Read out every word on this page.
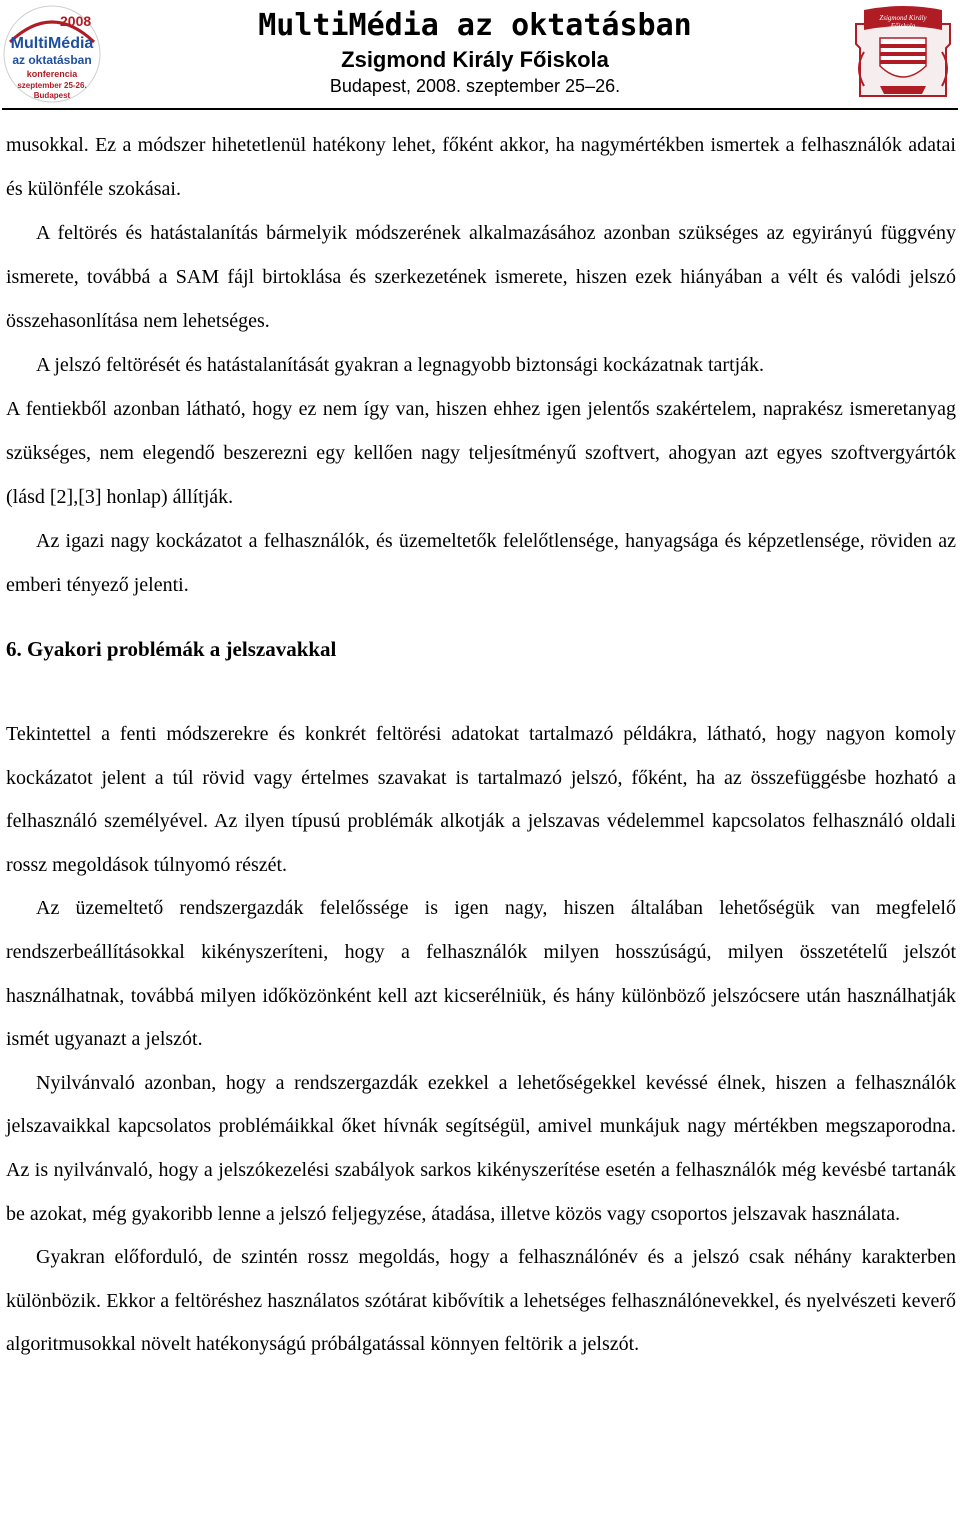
2008
MultiMédia
az oktatásban
konferencia
szeptember 25-26.
Budapest
MultiMédia az oktatásban
Zsigmond Király Főiskola
Budapest, 2008. szeptember 25–26.
Zsigmond Király
Főiskola

musokkal. Ez a módszer hihetetlenül hatékony lehet, főként akkor, ha nagymértékben ismertek a felhasználók adatai és különféle szokásai.

A feltörés és hatástalanítás bármelyik módszerének alkalmazásához azonban szükséges az egyirányú függvény ismerete, továbbá a SAM fájl birtoklása és szerkezetének ismerete, hiszen ezek hiányában a vélt és valódi jelszó összehasonlítása nem lehetséges.

A jelszó feltörését és hatástalanítását gyakran a legnagyobb biztonsági kockázatnak tartják.

A fentiekből azonban látható, hogy ez nem így van, hiszen ehhez igen jelentős szakértelem, naprakész ismeretanyag szükséges, nem elegendő beszerezni egy kellően nagy teljesítményű szoftvert, ahogyan azt egyes szoftvergyártók (lásd [2],[3] honlap) állítják.

Az igazi nagy kockázatot a felhasználók, és üzemeltetők felelőtlensége, hanyagsága és képzetlensége, röviden az emberi tényező jelenti.

6. Gyakori problémák a jelszavakkal

Tekintettel a fenti módszerekre és konkrét feltörési adatokat tartalmazó példákra, látható, hogy nagyon komoly kockázatot jelent a túl rövid vagy értelmes szavakat is tartalmazó jelszó, főként, ha az összefüggésbe hozható a felhasználó személyével. Az ilyen típusú problémák alkotják a jelszavas védelemmel kapcsolatos felhasználó oldali rossz megoldások túlnyomó részét.

Az üzemeltető rendszergazdák felelőssége is igen nagy, hiszen általában lehetőségük van megfelelő rendszerbeállításokkal kikényszeríteni, hogy a felhasználók milyen hosszúságú, milyen összetételű jelszót használhatnak, továbbá milyen időközönként kell azt kicserélniük, és hány különböző jelszócsere után használhatják ismét ugyanazt a jelszót.

Nyilvánvaló azonban, hogy a rendszergazdák ezekkel a lehetőségekkel kevéssé élnek, hiszen a felhasználók jelszavaikkal kapcsolatos problémáikkal őket hívnák segítségül, amivel munkájuk nagy mértékben megszaporodna. Az is nyilvánvaló, hogy a jelszókezelési szabályok sarkos kikényszerítése esetén a felhasználók még kevésbé tartanák be azokat, még gyakoribb lenne a jelszó feljegyzése, átadása, illetve közös vagy csoportos jelszavak használata.

Gyakran előforduló, de szintén rossz megoldás, hogy a felhasználónév és a jelszó csak néhány karakterben különbözik. Ekkor a feltöréshez használatos szótárat kibővítik a lehetséges felhasználónevekkel, és nyelvészeti keverő algoritmusokkal növelt hatékonyságú próbálgatással könnyen feltörik a jelszót.
